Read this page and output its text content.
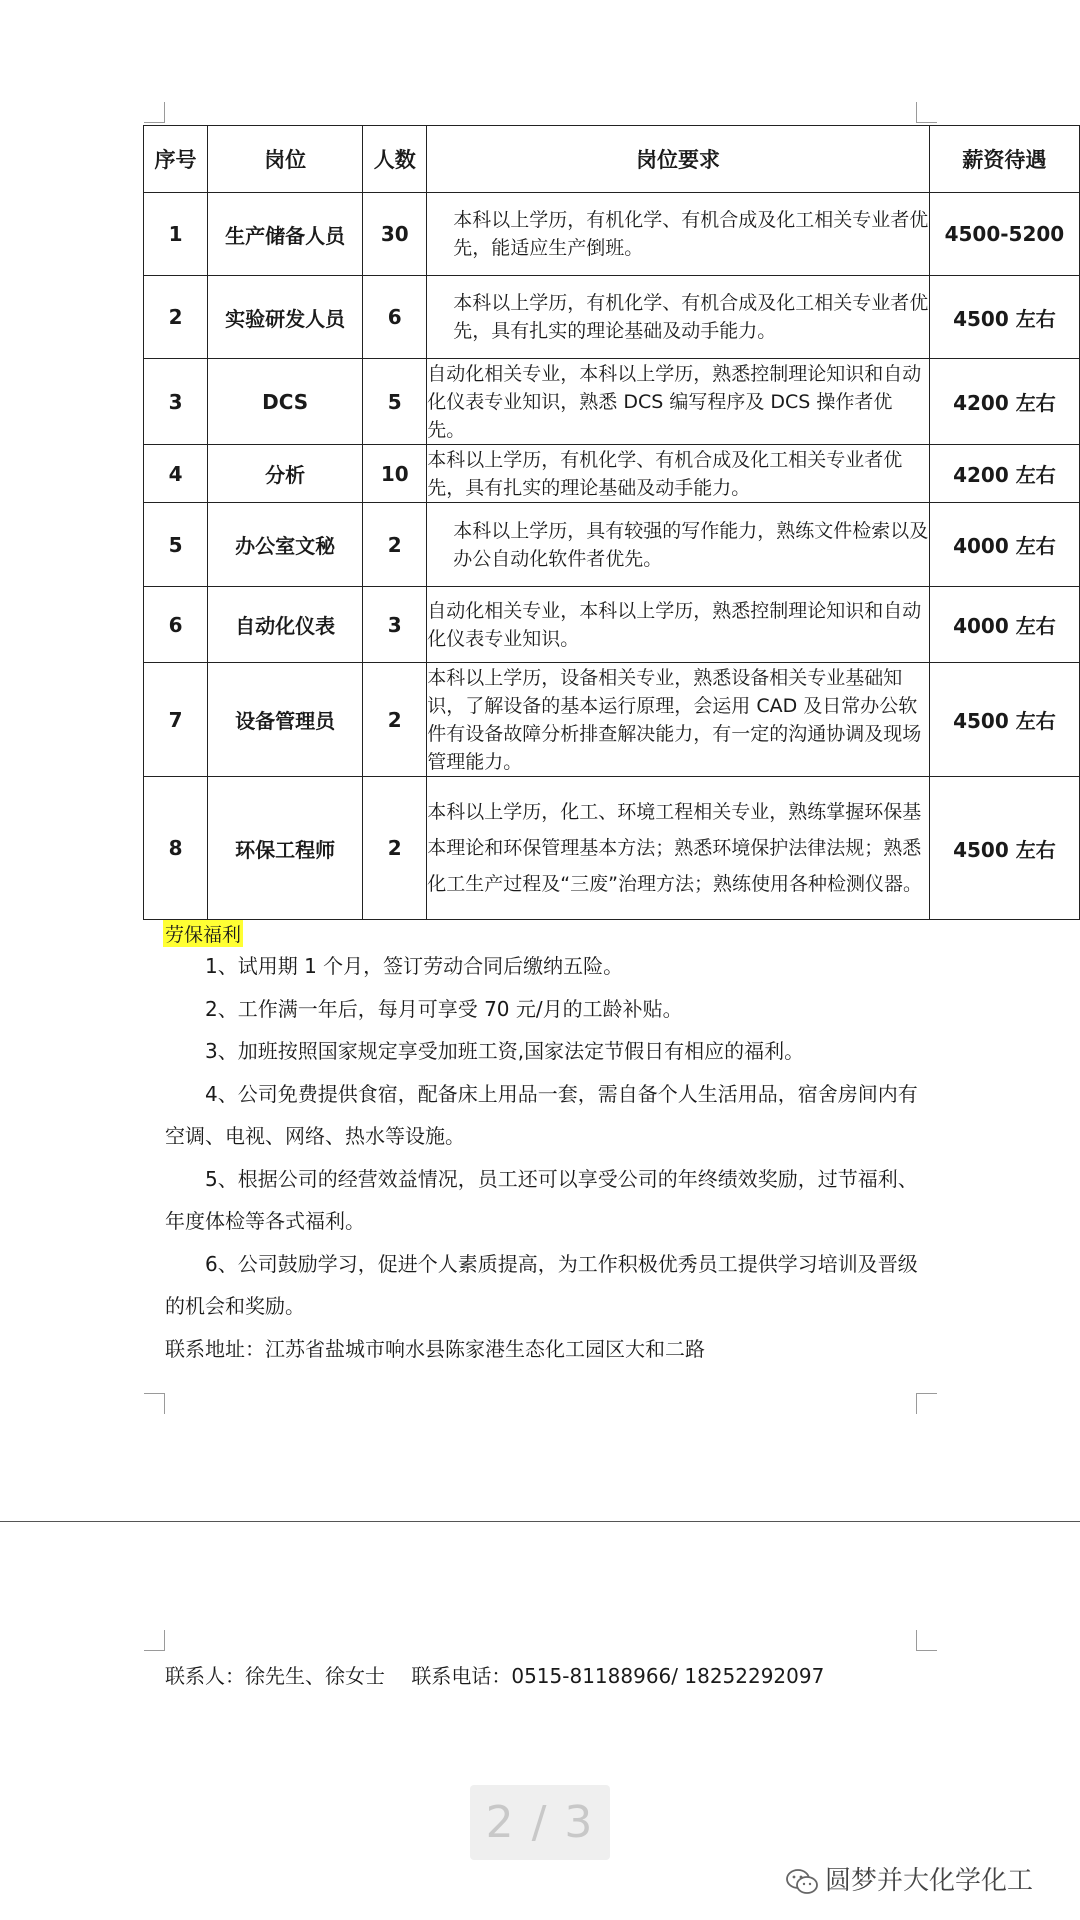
序号	岗位	人数	岗位要求	薪资待遇
1	生产储备人员	30	本科以上学历，有机化学、有机合成及化工相关专业者优先，能适应生产倒班。	4500-5200
2	实验研发人员	6	本科以上学历，有机化学、有机合成及化工相关专业者优先，具有扎实的理论基础及动手能力。	4500 左右
3	DCS	5	自动化相关专业，本科以上学历，熟悉控制理论知识和自动化仪表专业知识，熟悉 DCS 编写程序及 DCS 操作者优先。	4200 左右
4	分析	10	本科以上学历，有机化学、有机合成及化工相关专业者优先，具有扎实的理论基础及动手能力。	4200 左右
5	办公室文秘	2	本科以上学历，具有较强的写作能力，熟练文件检索以及办公自动化软件者优先。	4000 左右
6	自动化仪表	3	自动化相关专业，本科以上学历，熟悉控制理论知识和自动化仪表专业知识。	4000 左右
7	设备管理员	2	本科以上学历，设备相关专业，熟悉设备相关专业基础知识，了解设备的基本运行原理，会运用 CAD 及日常办公软件有设备故障分析排查解决能力，有一定的沟通协调及现场管理能力。	4500 左右
8	环保工程师	2	本科以上学历，化工、环境工程相关专业，熟练掌握环保基本理论和环保管理基本方法；熟悉环境保护法律法规；熟悉化工生产过程及“三废”治理方法；熟练使用各种检测仪器。	4500 左右
劳保福利

1、试用期 1 个月，签订劳动合同后缴纳五险。

2、工作满一年后，每月可享受 70 元/月的工龄补贴。

3、加班按照国家规定享受加班工资,国家法定节假日有相应的福利。

4、公司免费提供食宿，配备床上用品一套，需自备个人生活用品，宿舍房间内有空调、电视、网络、热水等设施。

5、根据公司的经营效益情况，员工还可以享受公司的年终绩效奖励，过节福利、年度体检等各式福利。

6、公司鼓励学习，促进个人素质提高，为工作积极优秀员工提供学习培训及晋级的机会和奖励。

联系地址：江苏省盐城市响水县陈家港生态化工园区大和二路

联系人：徐先生、徐女士　 联系电话：0515-81188966/ 18252292097
2 / 3
圆梦并大化学化工
